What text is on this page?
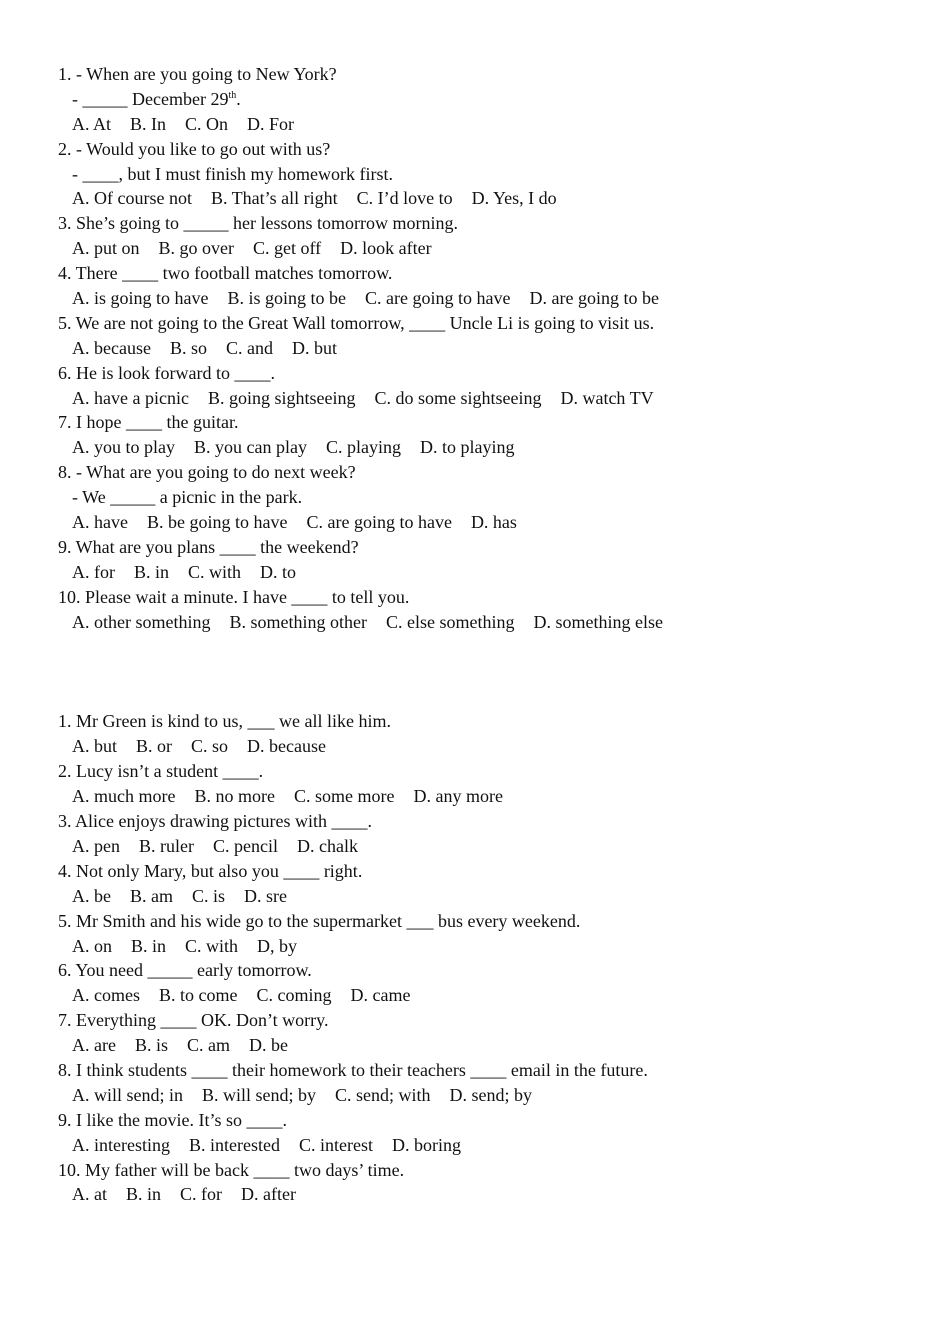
1. - When are you going to New York?
- _____ December 29th.
A. At B. In C. On D. For
2. - Would you like to go out with us?
- ____, but I must finish my homework first.
A. Of course not B. That’s all right C. I’d love to D. Yes, I do
3. She’s going to _____ her lessons tomorrow morning.
A. put on B. go over C. get off D. look after
4. There ____ two football matches tomorrow.
A. is going to have B. is going to be C. are going to have D. are going to be
5. We are not going to the Great Wall tomorrow, ____ Uncle Li is going to visit us.
A. because B. so C. and D. but
6. He is look forward to ____.
A. have a picnic B. going sightseeing C. do some sightseeing D. watch TV
7. I hope ____ the guitar.
A. you to play B. you can play C. playing D. to playing
8. - What are you going to do next week?
- We _____ a picnic in the park.
A. have B. be going to have C. are going to have D. has
9. What are you plans ____ the weekend?
A. for B. in C. with D. to
10. Please wait a minute. I have ____ to tell you.
A. other something B. something other C. else something D. something else
1. Mr Green is kind to us, ___ we all like him.
A. but B. or C. so D. because
2. Lucy isn’t a student ____.
A. much more B. no more C. some more D. any more
3. Alice enjoys drawing pictures with ____.
A. pen B. ruler C. pencil D. chalk
4. Not only Mary, but also you ____ right.
A. be B. am C. is D. sre
5. Mr Smith and his wide go to the supermarket ___ bus every weekend.
A. on B. in C. with D, by
6. You need _____ early tomorrow.
A. comes B. to come C. coming D. came
7. Everything ____ OK. Don’t worry.
A. are B. is C. am D. be
8. I think students ____ their homework to their teachers ____ email in the future.
A. will send; in B. will send; by C. send; with D. send; by
9. I like the movie. It’s so ____.
A. interesting B. interested C. interest D. boring
10. My father will be back ____ two days’ time.
A. at B. in C. for D. after
